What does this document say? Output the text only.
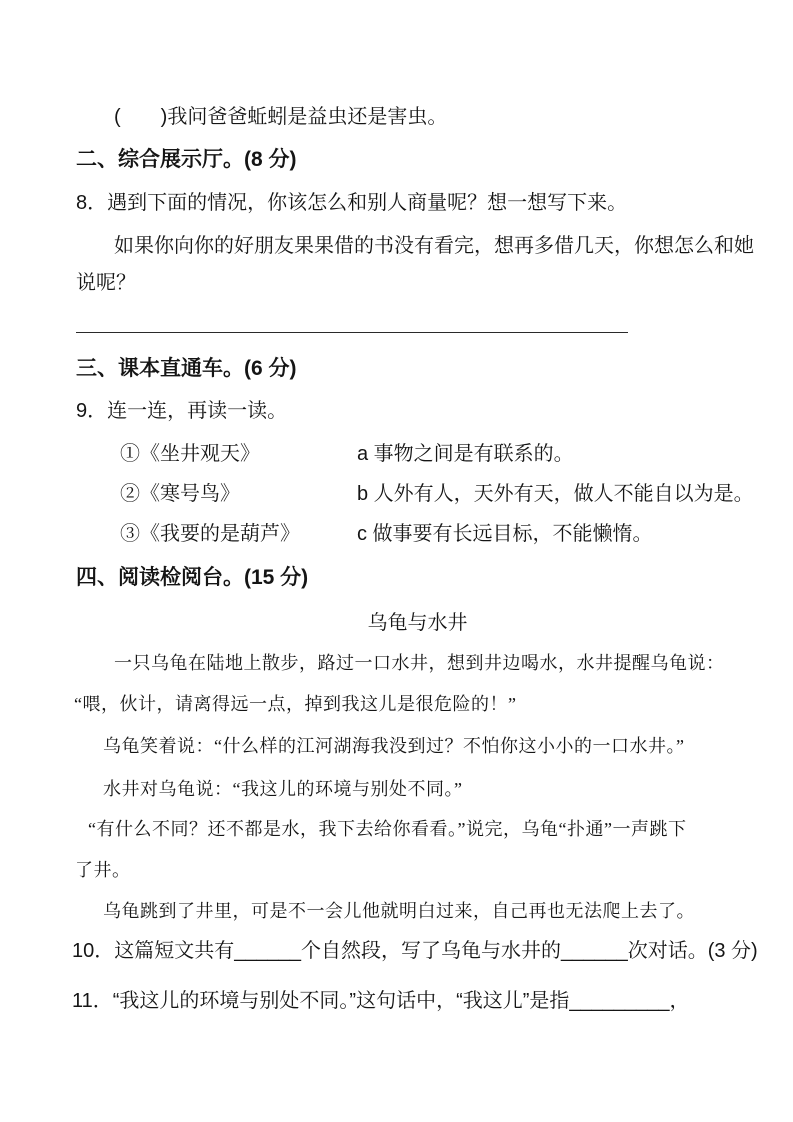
(　　)我问爸爸蚯蚓是益虫还是害虫。
二、综合展示厅。(8 分)
8．遇到下面的情况，你该怎么和别人商量呢？想一想写下来。
如果你向你的好朋友果果借的书没有看完，想再多借几天，你想怎么和她
说呢？
三、课本直通车。(6 分)
9．连一连，再读一读。
①《坐井观天》	a 事物之间是有联系的。
②《寒号鸟》	b 人外有人，天外有天，做人不能自以为是。
③《我要的是葫芦》	c 做事要有长远目标，不能懒惰。
四、阅读检阅台。(15 分)
乌龟与水井
一只乌龟在陆地上散步，路过一口水井，想到井边喝水，水井提醒乌龟说：
“喂，伙计，请离得远一点，掉到我这儿是很危险的！”
乌龟笑着说：“什么样的江河湖海我没到过？不怕你这小小的一口水井。”
水井对乌龟说：“我这儿的环境与别处不同。”
“有什么不同？还不都是水，我下去给你看看。”说完，乌龟“扑通”一声跳下
了井。
乌龟跳到了井里，可是不一会儿他就明白过来，自己再也无法爬上去了。
10．这篇短文共有______个自然段，写了乌龟与水井的______次对话。(3 分)
11．“我这儿的环境与别处不同。”这句话中，“我这儿”是指_________，
